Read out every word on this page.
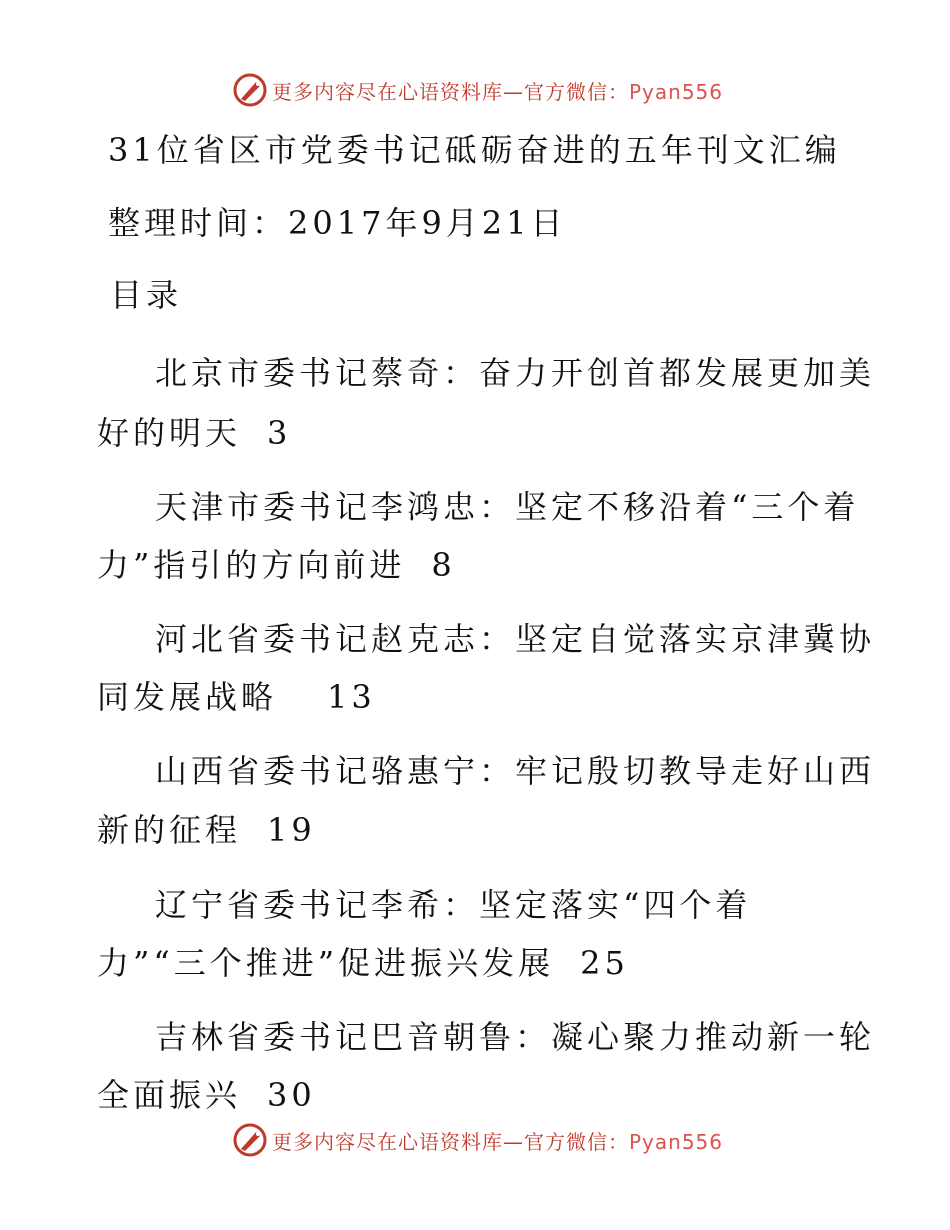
更多内容尽在心语资料库—官方微信：Pyan556
31位省区市党委书记砥砺奋进的五年刊文汇编
整理时间：2017年9月21日
目录
北京市委书记蔡奇：奋力开创首都发展更加美
好的明天 3
天津市委书记李鸿忠：坚定不移沿着“三个着
力”指引的方向前进 8
河北省委书记赵克志：坚定自觉落实京津冀协
同发展战略 13
山西省委书记骆惠宁：牢记殷切教导走好山西
新的征程 19
辽宁省委书记李希：坚定落实“四个着
力”“三个推进”促进振兴发展 25
吉林省委书记巴音朝鲁：凝心聚力推动新一轮
全面振兴 30
更多内容尽在心语资料库—官方微信：Pyan556
